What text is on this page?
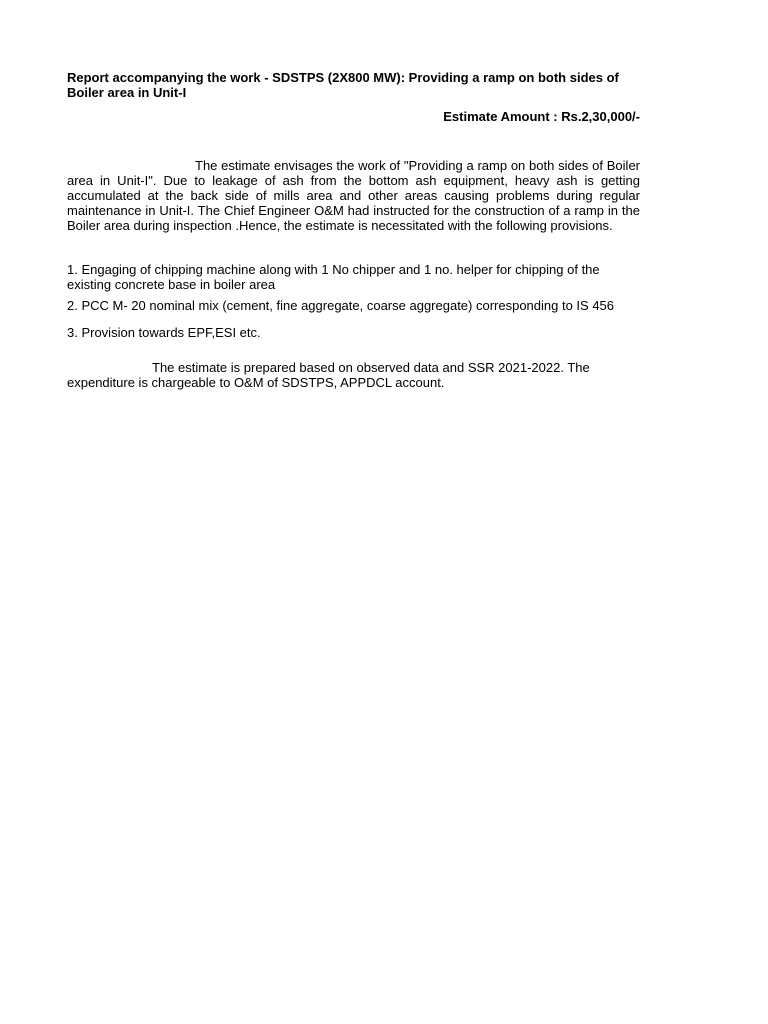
Report accompanying the work - SDSTPS (2X800 MW): Providing a ramp on both sides of Boiler area in Unit-I

Estimate Amount : Rs.2,30,000/-

The estimate envisages the work of "Providing a ramp on both sides of Boiler area in Unit-I". Due to leakage of ash from the bottom ash equipment, heavy ash is getting accumulated at the back side of mills area and other areas causing problems during regular maintenance in Unit-I. The Chief Engineer O&M had instructed for the construction of a ramp in the Boiler area during inspection .Hence, the estimate is necessitated with the following provisions.

1. Engaging of chipping machine along with 1 No chipper and 1 no. helper for chipping of the existing concrete base in boiler area

2. PCC M- 20 nominal mix (cement, fine aggregate, coarse aggregate) corresponding to IS 456

3. Provision towards EPF,ESI etc.

The estimate is prepared based on observed data and SSR 2021-2022. The expenditure is chargeable to O&M of SDSTPS, APPDCL account.
